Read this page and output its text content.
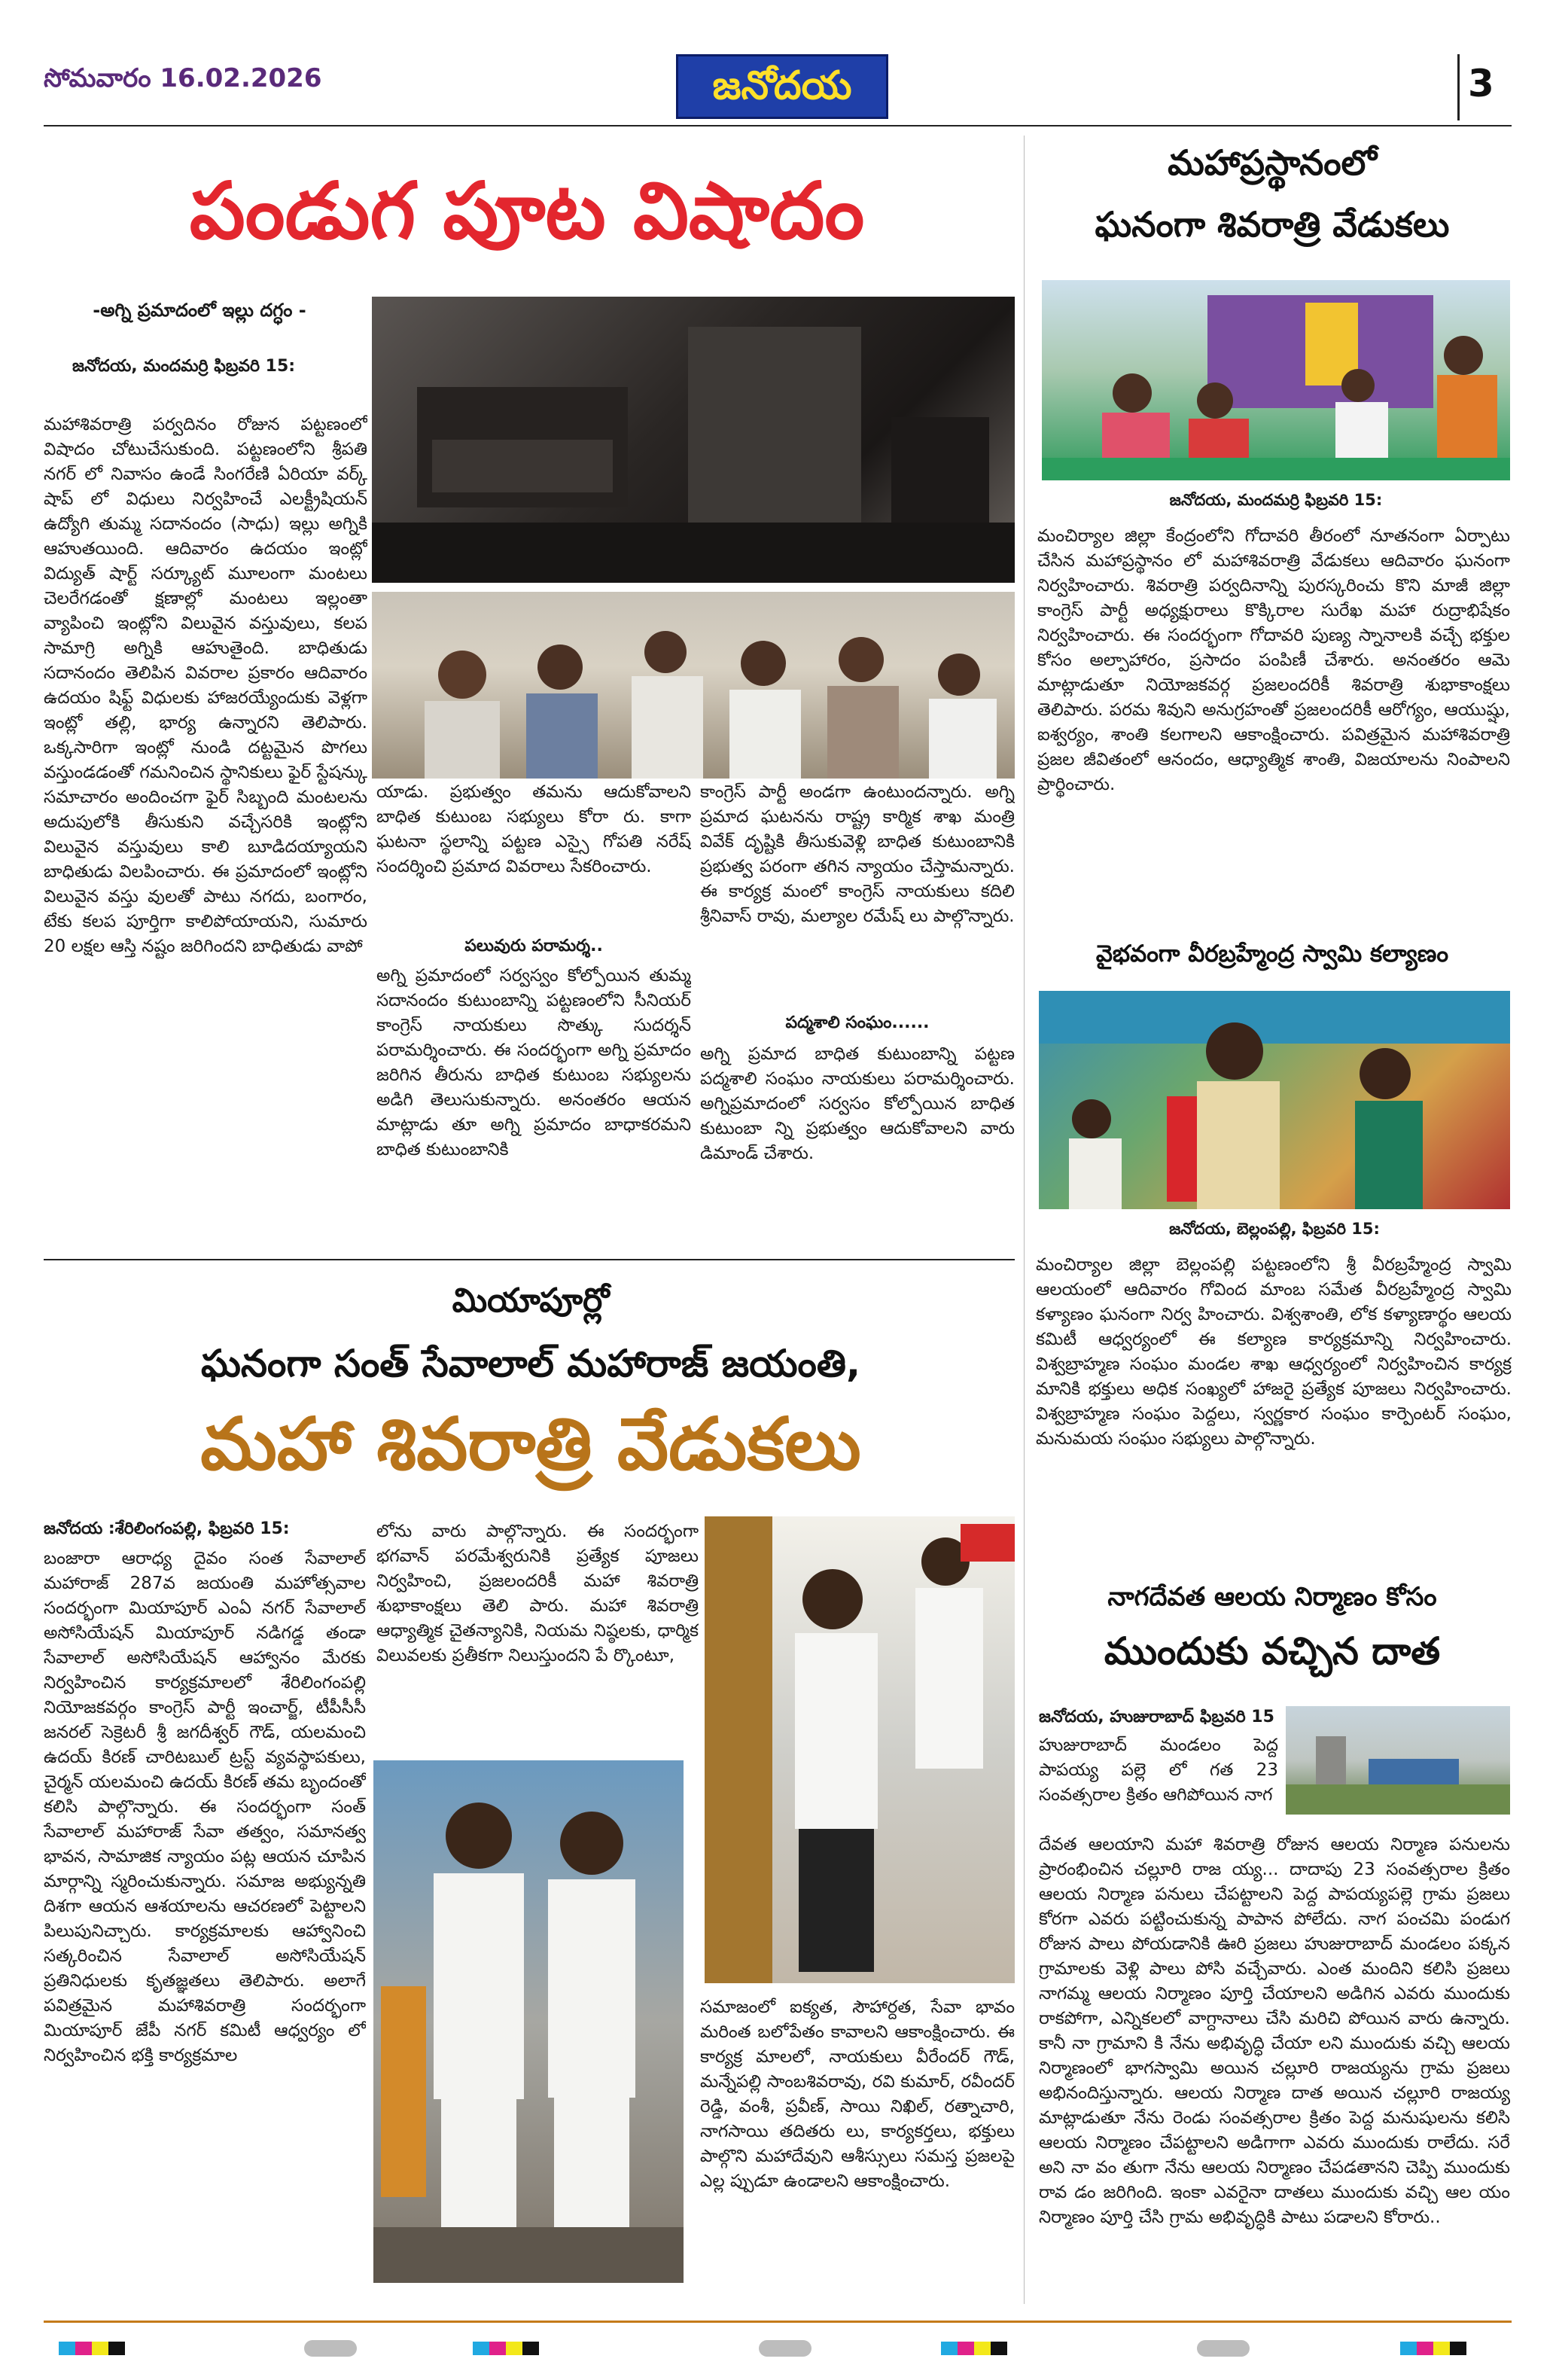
సోమవారం 16.02.2026	జనోదయ	3
పండుగ పూట విషాదం
-అగ్ని ప్రమాదంలో ఇల్లు దగ్ధం -
జనోదయ, మందమర్రి ఫిబ్రవరి 15:
మహాశివరాత్రి పర్వదినం రోజున పట్టణంలో విషాదం చోటుచేసుకుంది. పట్టణంలోని శ్రీపతి నగర్ లో నివాసం ఉండే సింగరేణి ఏరియా వర్క్ షాప్ లో విధులు నిర్వహించే ఎలక్ట్రీషియన్ ఉద్యోగి తుమ్మ సదానందం (సాధు) ఇల్లు అగ్నికి ఆహుతయింది. ఆదివారం ఉదయం ఇంట్లో విద్యుత్ షార్ట్ సర్క్యూట్ మూలంగా మంటలు చెలరేగడంతో క్షణాల్లో మంటలు ఇల్లంతా వ్యాపించి ఇంట్లోని విలువైన వస్తువులు, కలప సామాగ్రి అగ్నికి ఆహుతైంది. బాధితుడు సదానందం తెలిపిన వివరాల ప్రకారం ఆదివారం ఉదయం షిఫ్ట్ విధులకు హాజరయ్యేందుకు వెళ్లగా ఇంట్లో తల్లి, భార్య ఉన్నారని తెలిపారు. ఒక్కసారిగా ఇంట్లో నుండి దట్టమైన పొగలు వస్తుండడంతో గమనించిన స్థానికులు ఫైర్ స్టేషన్కు సమాచారం అందించగా ఫైర్ సిబ్బంది మంటలను అదుపులోకి తీసుకుని వచ్చేసరికి ఇంట్లోని విలువైన వస్తువులు కాలి బూడిదయ్యాయని బాధితుడు విలపించారు. ఈ ప్రమాదంలో ఇంట్లోని విలువైన వస్తు వులతో పాటు నగదు, బంగారం, టేకు కలప పూర్తిగా కాలిపోయాయని, సుమారు 20 లక్షల ఆస్తి నష్టం జరిగిందని బాధితుడు వాపో
యాడు. ప్రభుత్వం తమను ఆదుకోవాలని బాధిత కుటుంబ సభ్యులు కోరా రు. కాగా ఘటనా స్థలాన్ని పట్టణ ఎస్సై గోపతి నరేష్ సందర్శించి ప్రమాద వివరాలు సేకరించారు.
పలువురు పరామర్శ..
అగ్ని ప్రమాదంలో సర్వస్వం కోల్పోయిన తుమ్మ సదానందం కుటుంబాన్ని పట్టణంలోని సీనియర్ కాంగ్రెస్ నాయకులు సొత్కు సుదర్శన్ పరామర్శించారు. ఈ సందర్భంగా అగ్ని ప్రమాదం జరిగిన తీరును బాధిత కుటుంబ సభ్యులను అడిగి తెలుసుకున్నారు. అనంతరం ఆయన మాట్లాడు తూ అగ్ని ప్రమాదం బాధాకరమని బాధిత కుటుంబానికి
కాంగ్రెస్ పార్టీ అండగా ఉంటుందన్నారు. అగ్ని ప్రమాద ఘటనను రాష్ట్ర కార్మిక శాఖ మంత్రి వివేక్ దృష్టికి తీసుకువెళ్లి బాధిత కుటుంబానికి ప్రభుత్వ పరంగా తగిన న్యాయం చేస్తామన్నారు. ఈ కార్యక్ర మంలో కాంగ్రెస్ నాయకులు కదిలి శ్రీనివాస్ రావు, మల్యాల రమేష్ లు పాల్గొన్నారు.
పద్మశాలి సంఘం......
అగ్ని ప్రమాద బాధిత కుటుంబాన్ని పట్టణ పద్మశాలి సంఘం నాయకులు పరామర్శించారు. అగ్నిప్రమాదంలో సర్వసం కోల్పోయిన బాధిత కుటుంబా న్ని ప్రభుత్వం ఆదుకోవాలని వారు డిమాండ్ చేశారు.
మహాప్రస్థానంలో
ఘనంగా శివరాత్రి వేడుకలు
జనోదయ, మందమర్రి ఫిబ్రవరి 15:
మంచిర్యాల జిల్లా కేంద్రంలోని గోదావరి తీరంలో నూతనంగా ఏర్పాటు చేసిన మహాప్రస్థానం లో మహాశివరాత్రి వేడుకలు ఆదివారం ఘనంగా నిర్వహించారు. శివరాత్రి పర్వదినాన్ని పురస్కరించు కొని మాజీ జిల్లా కాంగ్రెస్ పార్టీ అధ్యక్షురాలు కొక్కిరాల సురేఖ మహా రుద్రాభిషేకం నిర్వహించారు. ఈ సందర్భంగా గోదావరి పుణ్య స్నానాలకి వచ్చే భక్తుల కోసం అల్పాహారం, ప్రసాదం పంపిణీ చేశారు. అనంతరం ఆమె మాట్లాడుతూ నియోజకవర్గ ప్రజలందరికీ శివరాత్రి శుభాకాంక్షలు తెలిపారు. పరమ శివుని అనుగ్రహంతో ప్రజలందరికీ ఆరోగ్యం, ఆయుష్షు, ఐశ్వర్యం, శాంతి కలగాలని ఆకాంక్షించారు. పవిత్రమైన మహాశివరాత్రి ప్రజల జీవితంలో ఆనందం, ఆధ్యాత్మిక శాంతి, విజయాలను నింపాలని ప్రార్థించారు.
వైభవంగా వీరబ్రహ్మేంద్ర స్వామి కల్యాణం
జనోదయ, బెల్లంపల్లి, ఫిబ్రవరి 15:
మంచిర్యాల జిల్లా బెల్లంపల్లి పట్టణంలోని శ్రీ వీరబ్రహ్మేంద్ర స్వామి ఆలయంలో ఆదివారం గోవింద మాంబ సమేత వీరబ్రహ్మేంద్ర స్వామి కళ్యాణం ఘనంగా నిర్వ హించారు. విశ్వశాంతి, లోక కళ్యాణార్థం ఆలయ కమిటీ ఆధ్వర్యంలో ఈ కల్యాణ కార్యక్రమాన్ని నిర్వహించారు. విశ్వబ్రాహ్మణ సంఘం మండల శాఖ ఆధ్వర్యంలో నిర్వహించిన కార్యక్ర మానికి భక్తులు అధిక సంఖ్యలో హాజరై ప్రత్యేక పూజలు నిర్వహించారు. విశ్వబ్రాహ్మణ సంఘం పెద్దలు, స్వర్ణకార సంఘం కార్పెంటర్ సంఘం, మనుమయ సంఘం సభ్యులు పాల్గొన్నారు.
నాగదేవత ఆలయ నిర్మాణం కోసం
ముందుకు వచ్చిన దాత
జనోదయ, హుజురాబాద్ ఫిబ్రవరి 15
హుజురాబాద్ మండలం పెద్ద పాపయ్య పల్లె లో గత 23 సంవత్సరాల క్రితం ఆగిపోయిన నాగ
దేవత ఆలయాని మహా శివరాత్రి రోజున ఆలయ నిర్మాణ పనులను ప్రారంభించిన చల్లూరి రాజ య్య... దాదాపు 23 సంవత్సరాల క్రితం ఆలయ నిర్మాణ పనులు చేపట్టాలని పెద్ద పాపయ్యపల్లె గ్రామ ప్రజలు కోరగా ఎవరు పట్టించుకున్న పాపాన పోలేదు. నాగ పంచమి పండుగ రోజున పాలు పోయడానికి ఊరి ప్రజలు హుజురాబాద్ మండలం పక్కన గ్రామాలకు వెళ్లి పాలు పోసి వచ్చేవారు. ఎంత మందిని కలిసి ప్రజలు నాగమ్మ ఆలయ నిర్మాణం పూర్తి చేయాలని అడిగిన ఎవరు ముందుకు రాకపోగా, ఎన్నికలలో వాగ్దానాలు చేసి మరిచి పోయిన వారు ఉన్నారు. కానీ నా గ్రామాని కి నేను అభివృద్ధి చేయా లని ముందుకు వచ్చి ఆలయ నిర్మాణంలో భాగస్వామి అయిన చల్లూరి రాజయ్యను గ్రామ ప్రజలు అభినందిస్తున్నారు. ఆలయ నిర్మాణ దాత అయిన చల్లూరి రాజయ్య మాట్లాడుతూ నేను రెండు సంవత్సరాల క్రితం పెద్ద మనుషులను కలిసి ఆలయ నిర్మాణం చేపట్టాలని అడిగాగా ఎవరు ముందుకు రాలేదు. సరే అని నా వం తుగా నేను ఆలయ నిర్మాణం చేపడతానని చెప్పి ముందుకు రావ డం జరిగింది. ఇంకా ఎవరైనా దాతలు ముందుకు వచ్చి ఆల యం నిర్మాణం పూర్తి చేసి గ్రామ అభివృద్ధికి పాటు పడాలని కోరారు..
మియాపూర్లో
ఘనంగా సంత్ సేవాలాల్ మహారాజ్ జయంతి,
మహా శివరాత్రి వేడుకలు
జనోదయ :శేరిలింగంపల్లి, ఫిబ్రవరి 15:
బంజారా ఆరాధ్య దైవం సంత సేవాలాల్ మహారాజ్ 287వ జయంతి మహోత్సవాల సందర్భంగా మియాపూర్ ఎంఏ నగర్ సేవాలాల్ అసోసియేషన్ మియాపూర్ నడిగడ్డ తండా సేవాలాల్ అసోసియేషన్ ఆహ్వానం మేరకు నిర్వహించిన కార్యక్రమాలలో శేరిలింగంపల్లి నియోజకవర్గం కాంగ్రెస్ పార్టీ ఇంచార్జ్, టీపీసీసీ జనరల్ సెక్రెటరీ శ్రీ జగదీశ్వర్ గౌడ్, యలమంచి ఉదయ్ కిరణ్ చారిటబుల్ ట్రస్ట్ వ్యవస్థాపకులు, చైర్మన్ యలమంచి ఉదయ్ కిరణ్ తమ బృందంతో కలిసి పాల్గొన్నారు. ఈ సందర్భంగా సంత్ సేవాలాల్ మహారాజ్ సేవా తత్వం, సమానత్వ భావన, సామాజిక న్యాయం పట్ల ఆయన చూపిన మార్గాన్ని స్మరించుకున్నారు. సమాజ అభ్యున్నతి దిశగా ఆయన ఆశయాలను ఆచరణలో పెట్టాలని పిలుపునిచ్చారు. కార్యక్రమాలకు ఆహ్వానించి సత్కరించిన సేవాలాల్ అసోసియేషన్ ప్రతినిధులకు కృతజ్ఞతలు తెలిపారు. అలాగే పవిత్రమైన మహాశివరాత్రి సందర్భంగా మియాపూర్ జేపీ నగర్ కమిటీ ఆధ్వర్యం లో నిర్వహించిన భక్తి కార్యక్రమాల
లోను వారు పాల్గొన్నారు. ఈ సందర్భంగా భగవాన్ పరమేశ్వరునికి ప్రత్యేక పూజలు నిర్వహించి, ప్రజలందరికీ మహా శివరాత్రి శుభాకాంక్షలు తెలి పారు. మహా శివరాత్రి ఆధ్యాత్మిక చైతన్యానికి, నియమ నిష్ఠలకు, ధార్మిక విలువలకు ప్రతీకగా నిలుస్తుందని పే ర్కొంటూ,
సమాజంలో ఐక్యత, సౌహార్దత, సేవా భావం మరింత బలోపేతం కావాలని ఆకాంక్షించారు. ఈ కార్యక్ర మాలలో, నాయకులు వీరేందర్ గౌడ్, మన్నేపల్లి సాంబశివరావు, రవి కుమార్, రవీందర్ రెడ్డి, వంశీ, ప్రవీణ్, సాయి నిఖిల్, రత్నాచారి, నాగసాయి తదితరు లు, కార్యకర్తలు, భక్తులు పాల్గొని మహాదేవుని ఆశీస్సులు సమస్త ప్రజలపై ఎల్ల ప్పుడూ ఉండాలని ఆకాంక్షించారు.
